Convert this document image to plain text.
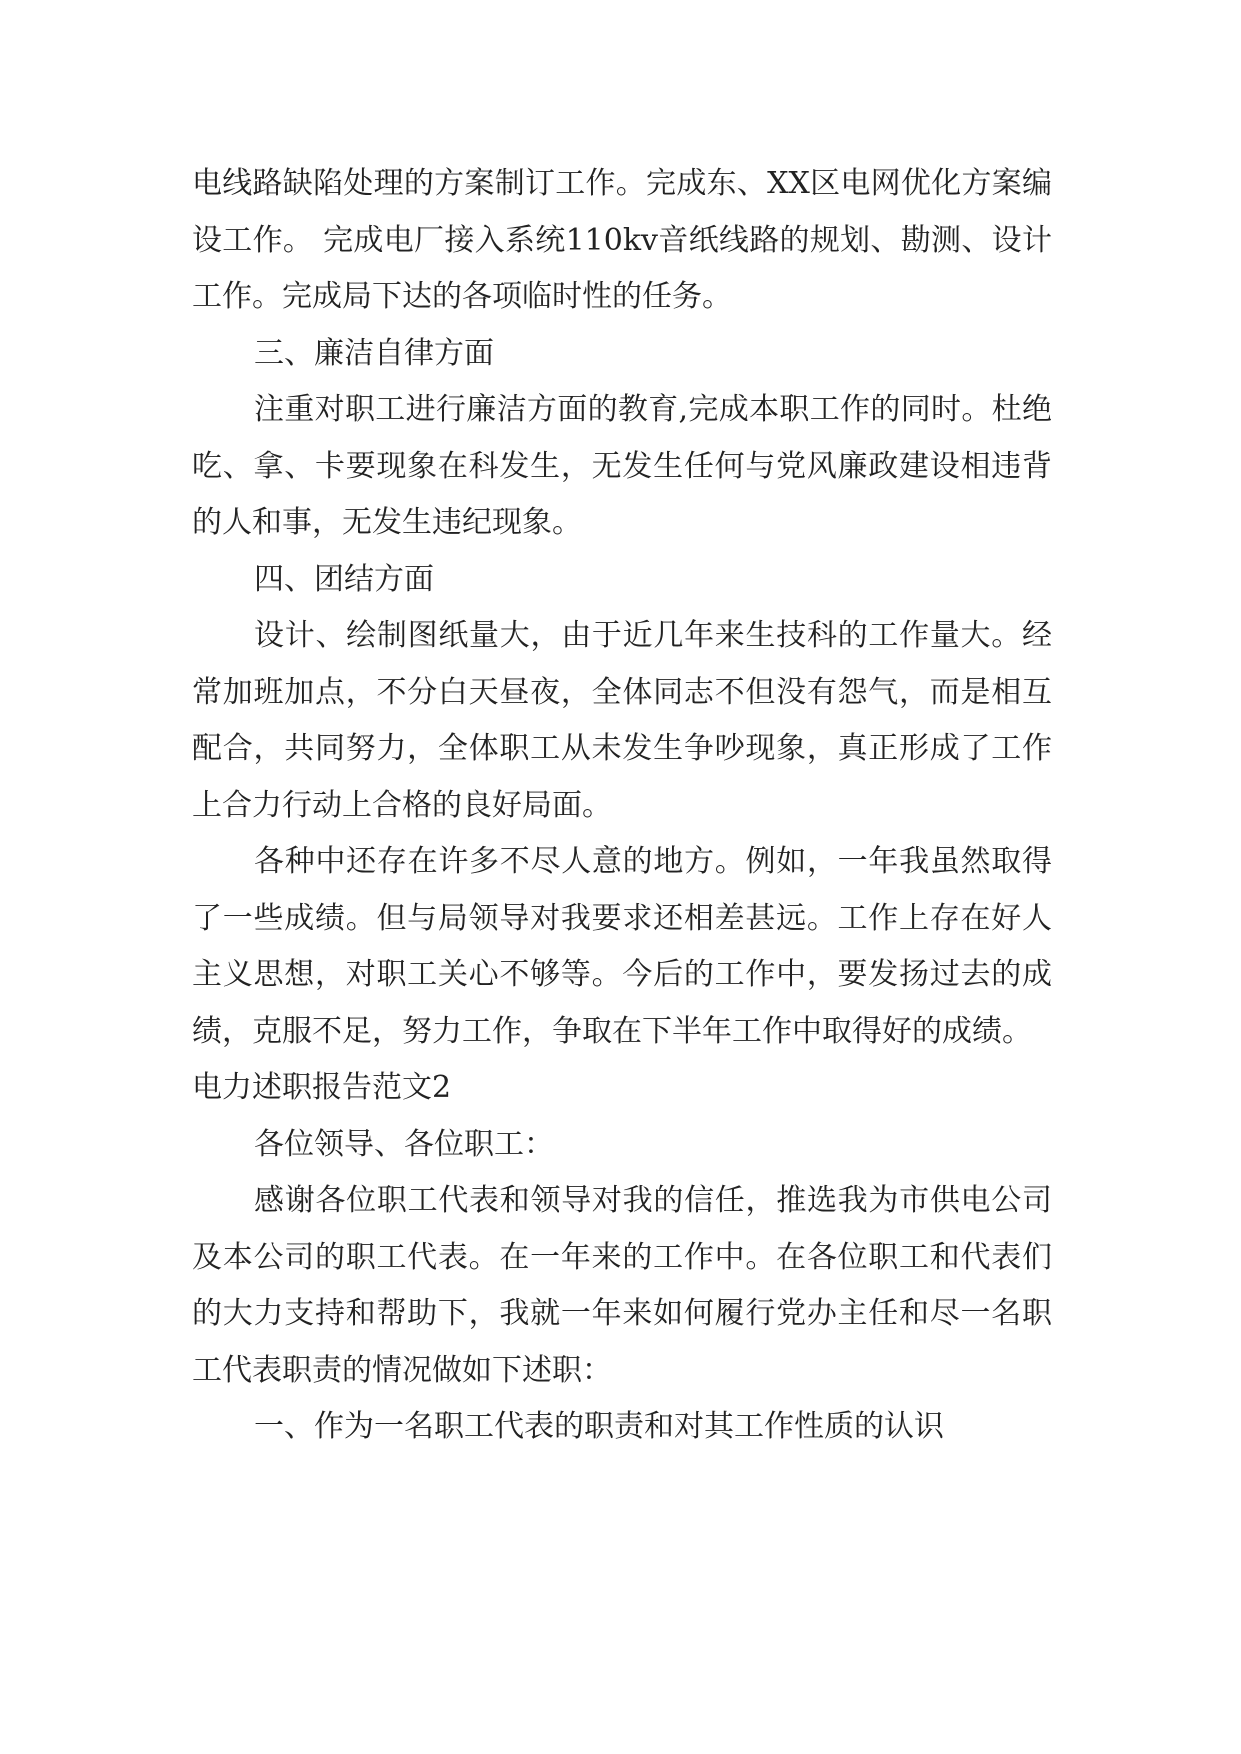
电线路缺陷处理的方案制订工作。完成东、XX区电网优化方案编设工作。 完成电厂接入系统110kv音纸线路的规划、勘测、设计工作。完成局下达的各项临时性的任务。

三、廉洁自律方面

注重对职工进行廉洁方面的教育,完成本职工作的同时。杜绝吃、拿、卡要现象在科发生，无发生任何与党风廉政建设相违背的人和事，无发生违纪现象。

四、团结方面

设计、绘制图纸量大，由于近几年来生技科的工作量大。经常加班加点，不分白天昼夜，全体同志不但没有怨气，而是相互配合，共同努力，全体职工从未发生争吵现象，真正形成了工作上合力行动上合格的良好局面。

各种中还存在许多不尽人意的地方。例如，一年我虽然取得了一些成绩。但与局领导对我要求还相差甚远。工作上存在好人主义思想，对职工关心不够等。今后的工作中，要发扬过去的成绩，克服不足，努力工作，争取在下半年工作中取得好的成绩。

电力述职报告范文2

各位领导、各位职工：

感谢各位职工代表和领导对我的信任，推选我为市供电公司及本公司的职工代表。在一年来的工作中。在各位职工和代表们的大力支持和帮助下，我就一年来如何履行党办主任和尽一名职工代表职责的情况做如下述职：

一、作为一名职工代表的职责和对其工作性质的认识
